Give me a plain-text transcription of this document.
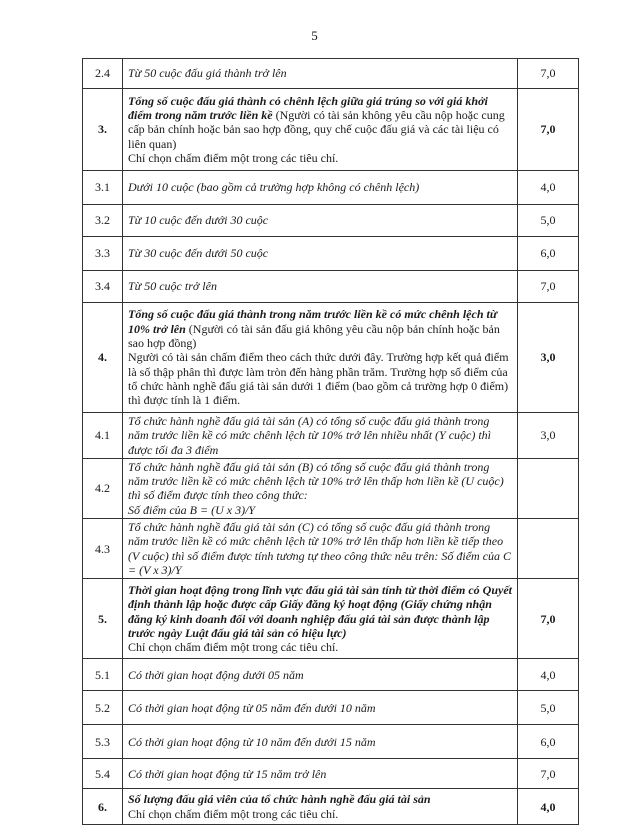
5
2.4	Từ 50 cuộc đấu giá thành trở lên	7,0
3.	Tổng số cuộc đấu giá thành có chênh lệch giữa giá trúng so với giá khởi điểm trong năm trước liền kề (Người có tài sản không yêu cầu nộp hoặc cung cấp bản chính hoặc bản sao hợp đồng, quy chế cuộc đấu giá và các tài liệu có liên quan)
Chỉ chọn chấm điểm một trong các tiêu chí.	7,0
3.1	Dưới 10 cuộc (bao gồm cả trường hợp không có chênh lệch)	4,0
3.2	Từ 10 cuộc đến dưới 30 cuộc	5,0
3.3	Từ 30 cuộc đến dưới 50 cuộc	6,0
3.4	Từ 50 cuộc trở lên	7,0
4.	Tổng số cuộc đấu giá thành trong năm trước liền kề có mức chênh lệch từ 10% trở lên (Người có tài sản đấu giá không yêu cầu nộp bản chính hoặc bản sao hợp đồng)
Người có tài sản chấm điểm theo cách thức dưới đây. Trường hợp kết quả điểm là số thập phân thì được làm tròn đến hàng phần trăm. Trường hợp số điểm của tổ chức hành nghề đấu giá tài sản dưới 1 điểm (bao gồm cả trường hợp 0 điểm) thì được tính là 1 điểm.	3,0
4.1	Tổ chức hành nghề đấu giá tài sản (A) có tổng số cuộc đấu giá thành trong năm trước liền kề có mức chênh lệch từ 10% trở lên nhiều nhất (Y cuộc) thì được tối đa 3 điểm	3,0
4.2	Tổ chức hành nghề đấu giá tài sản (B) có tổng số cuộc đấu giá thành trong năm trước liền kề có mức chênh lệch từ 10% trở lên thấp hơn liền kề (U cuộc) thì số điểm được tính theo công thức:
Số điểm của B = (U x 3)/Y	

4.3	Tổ chức hành nghề đấu giá tài sản (C) có tổng số cuộc đấu giá thành trong năm trước liền kề có mức chênh lệch từ 10% trở lên thấp hơn liền kề tiếp theo (V cuộc) thì số điểm được tính tương tự theo công thức nêu trên: Số điểm của C = (V x 3)/Y	

5.	Thời gian hoạt động trong lĩnh vực đấu giá tài sản tính từ thời điểm có Quyết định thành lập hoặc được cấp Giấy đăng ký hoạt động (Giấy chứng nhận đăng ký kinh doanh đối với doanh nghiệp đấu giá tài sản được thành lập trước ngày Luật đấu giá tài sản có hiệu lực)
Chỉ chọn chấm điểm một trong các tiêu chí.	7,0
5.1	Có thời gian hoạt động dưới 05 năm	4,0
5.2	Có thời gian hoạt động từ 05 năm đến dưới 10 năm	5,0
5.3	Có thời gian hoạt động từ 10 năm đến dưới 15 năm	6,0
5.4	Có thời gian hoạt động từ 15 năm trở lên	7,0
6.	Số lượng đấu giá viên của tổ chức hành nghề đấu giá tài sản
Chỉ chọn chấm điểm một trong các tiêu chí.	4,0
